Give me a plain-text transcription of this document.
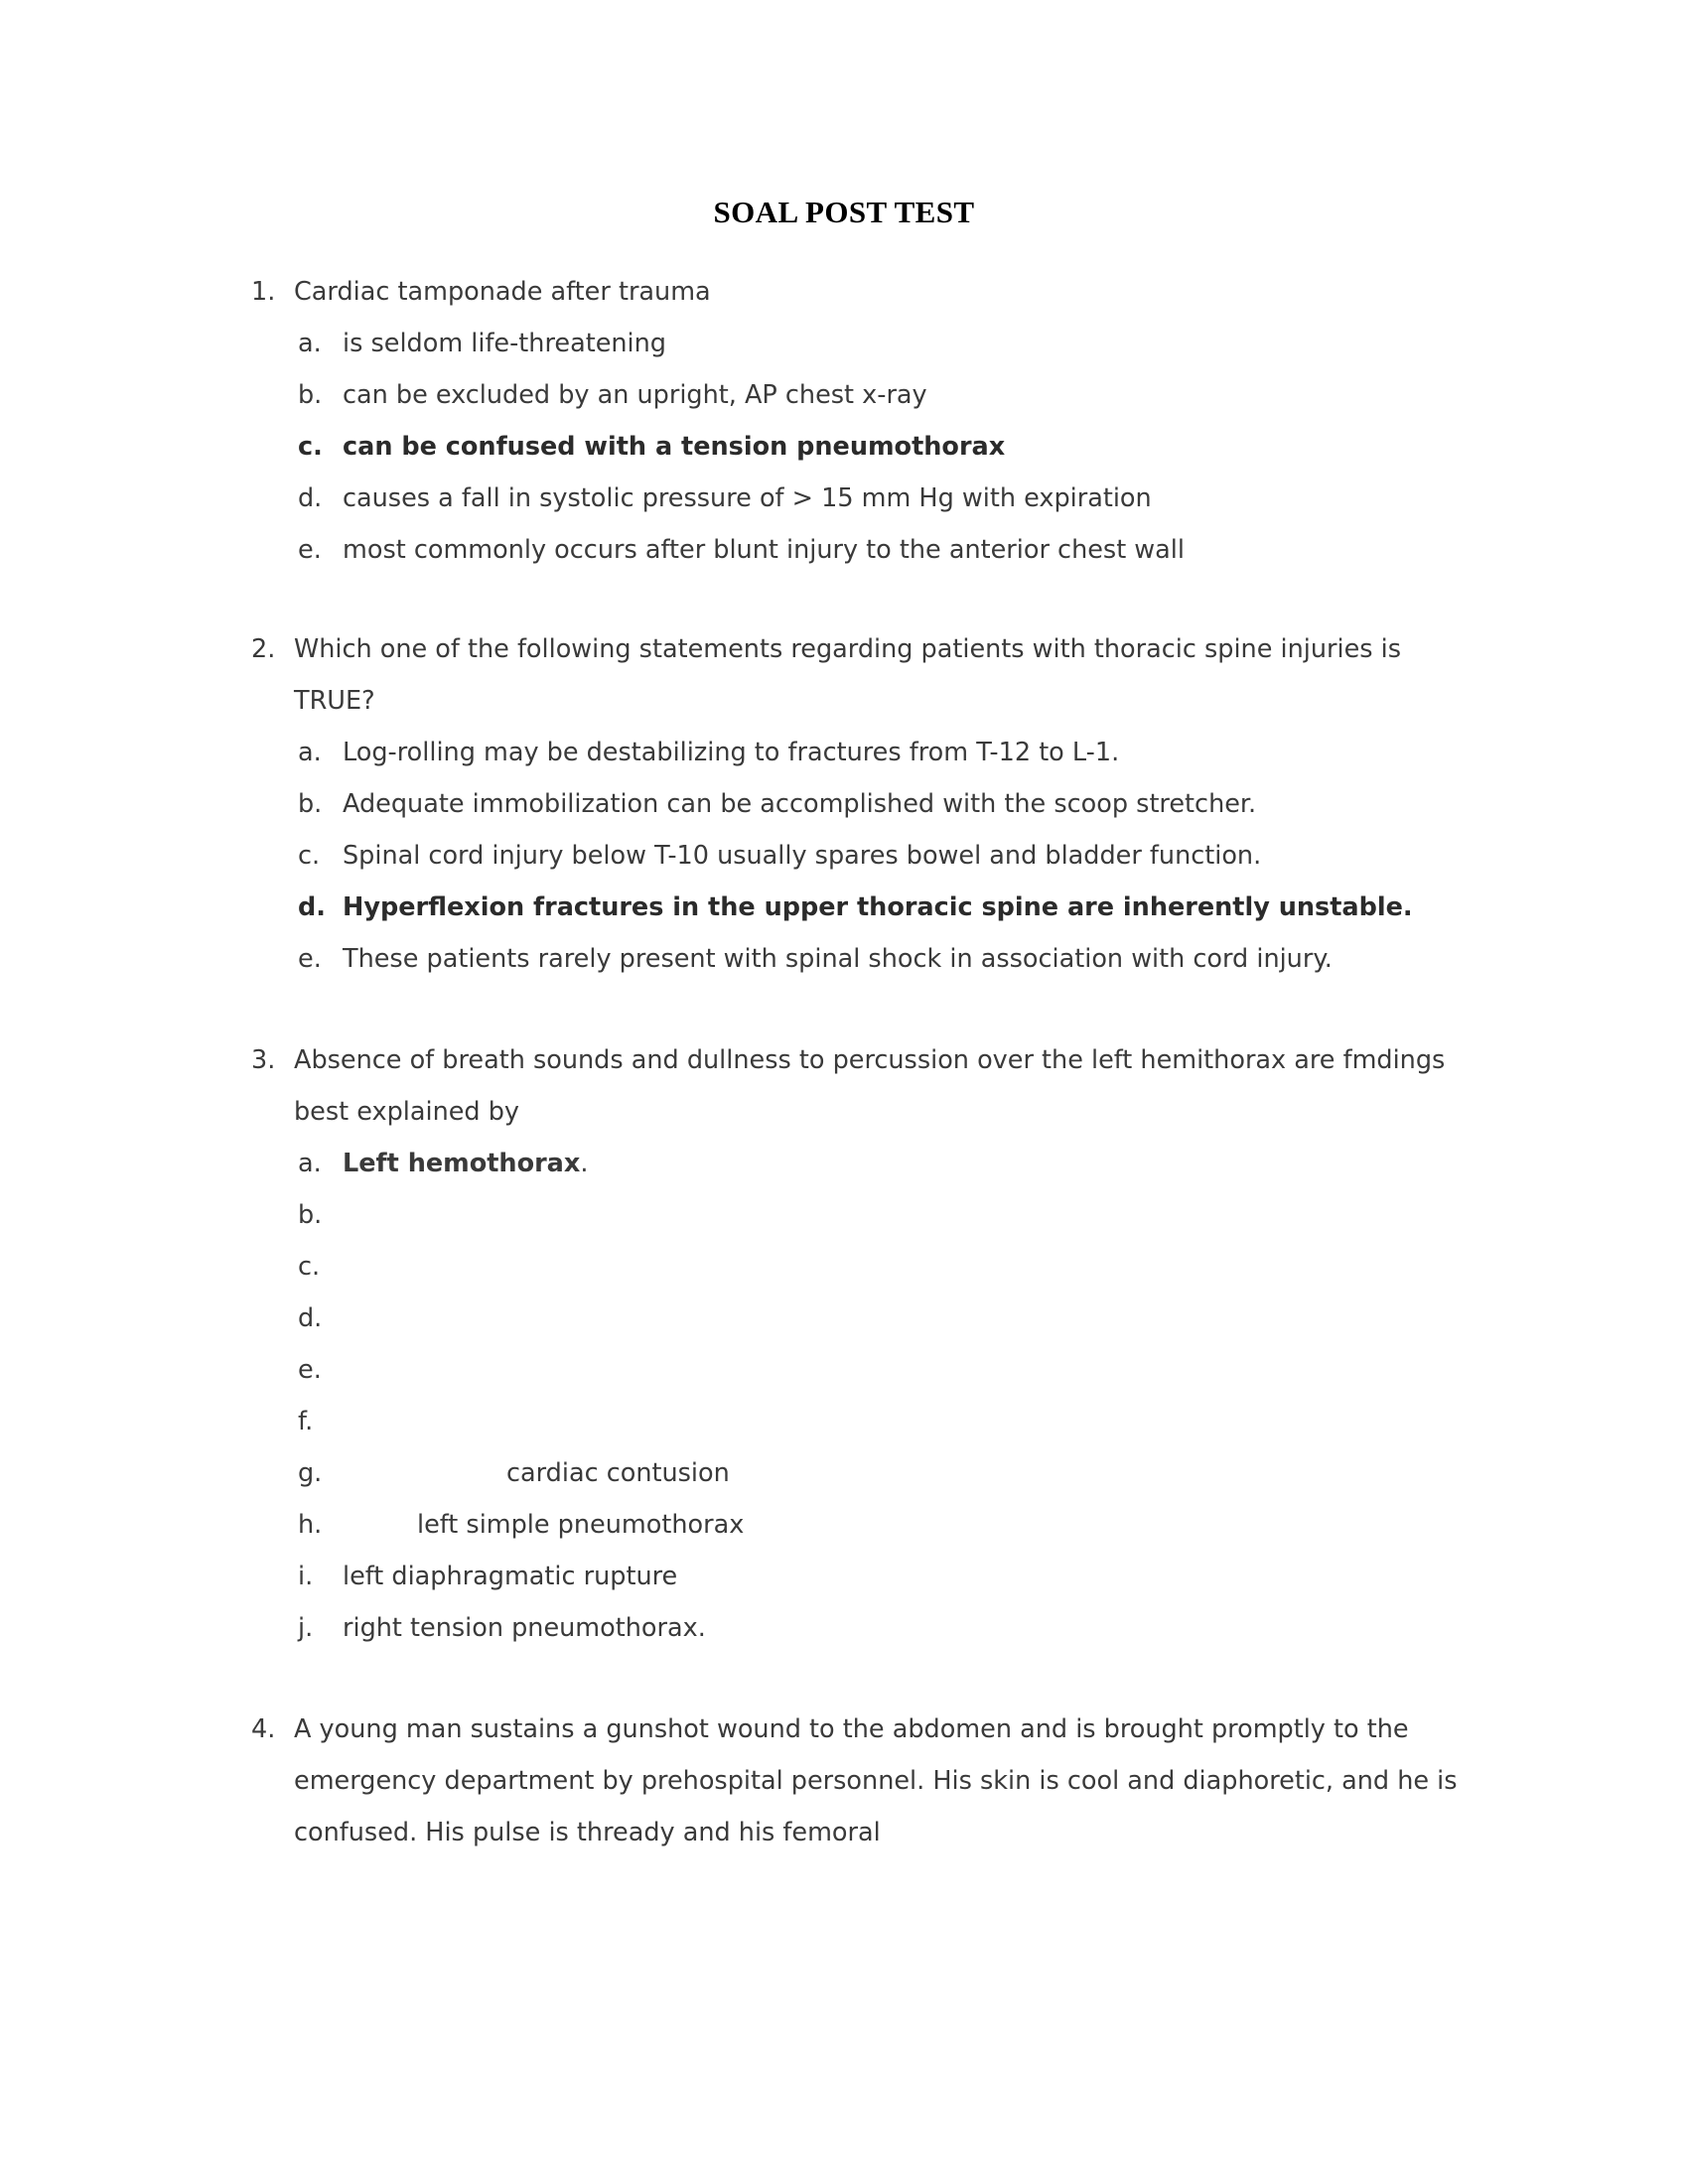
SOAL POST TEST
1. Cardiac tamponade after trauma
a. is seldom life-threatening
b. can be excluded by an upright, AP chest x-ray
c. can be confused with a tension pneumothorax
d. causes a fall in systolic pressure of > 15 mm Hg with expiration
e. most commonly occurs after blunt injury to the anterior chest wall
2. Which one of the following statements regarding patients with thoracic spine injuries is TRUE?
a. Log-rolling may be destabilizing to fractures from T-12 to L-1.
b. Adequate immobilization can be accomplished with the scoop stretcher.
c. Spinal cord injury below T-10 usually spares bowel and bladder function.
d. Hyperflexion fractures in the upper thoracic spine are inherently unstable.
e. These patients rarely present with spinal shock in association with cord injury.
3. Absence of breath sounds and dullness to percussion over the left hemithorax are fmdings best explained by
a. Left hemothorax.
b.
c.
d.
e.
f.
g.	cardiac contusion
h.	left simple pneumothorax
i.	left diaphragmatic rupture
j.	right tension pneumothorax.
4. A young man sustains a gunshot wound to the abdomen and is brought promptly to the emergency department by prehospital personnel. His skin is cool and diaphoretic, and he is confused. His pulse is thready and his femoral
